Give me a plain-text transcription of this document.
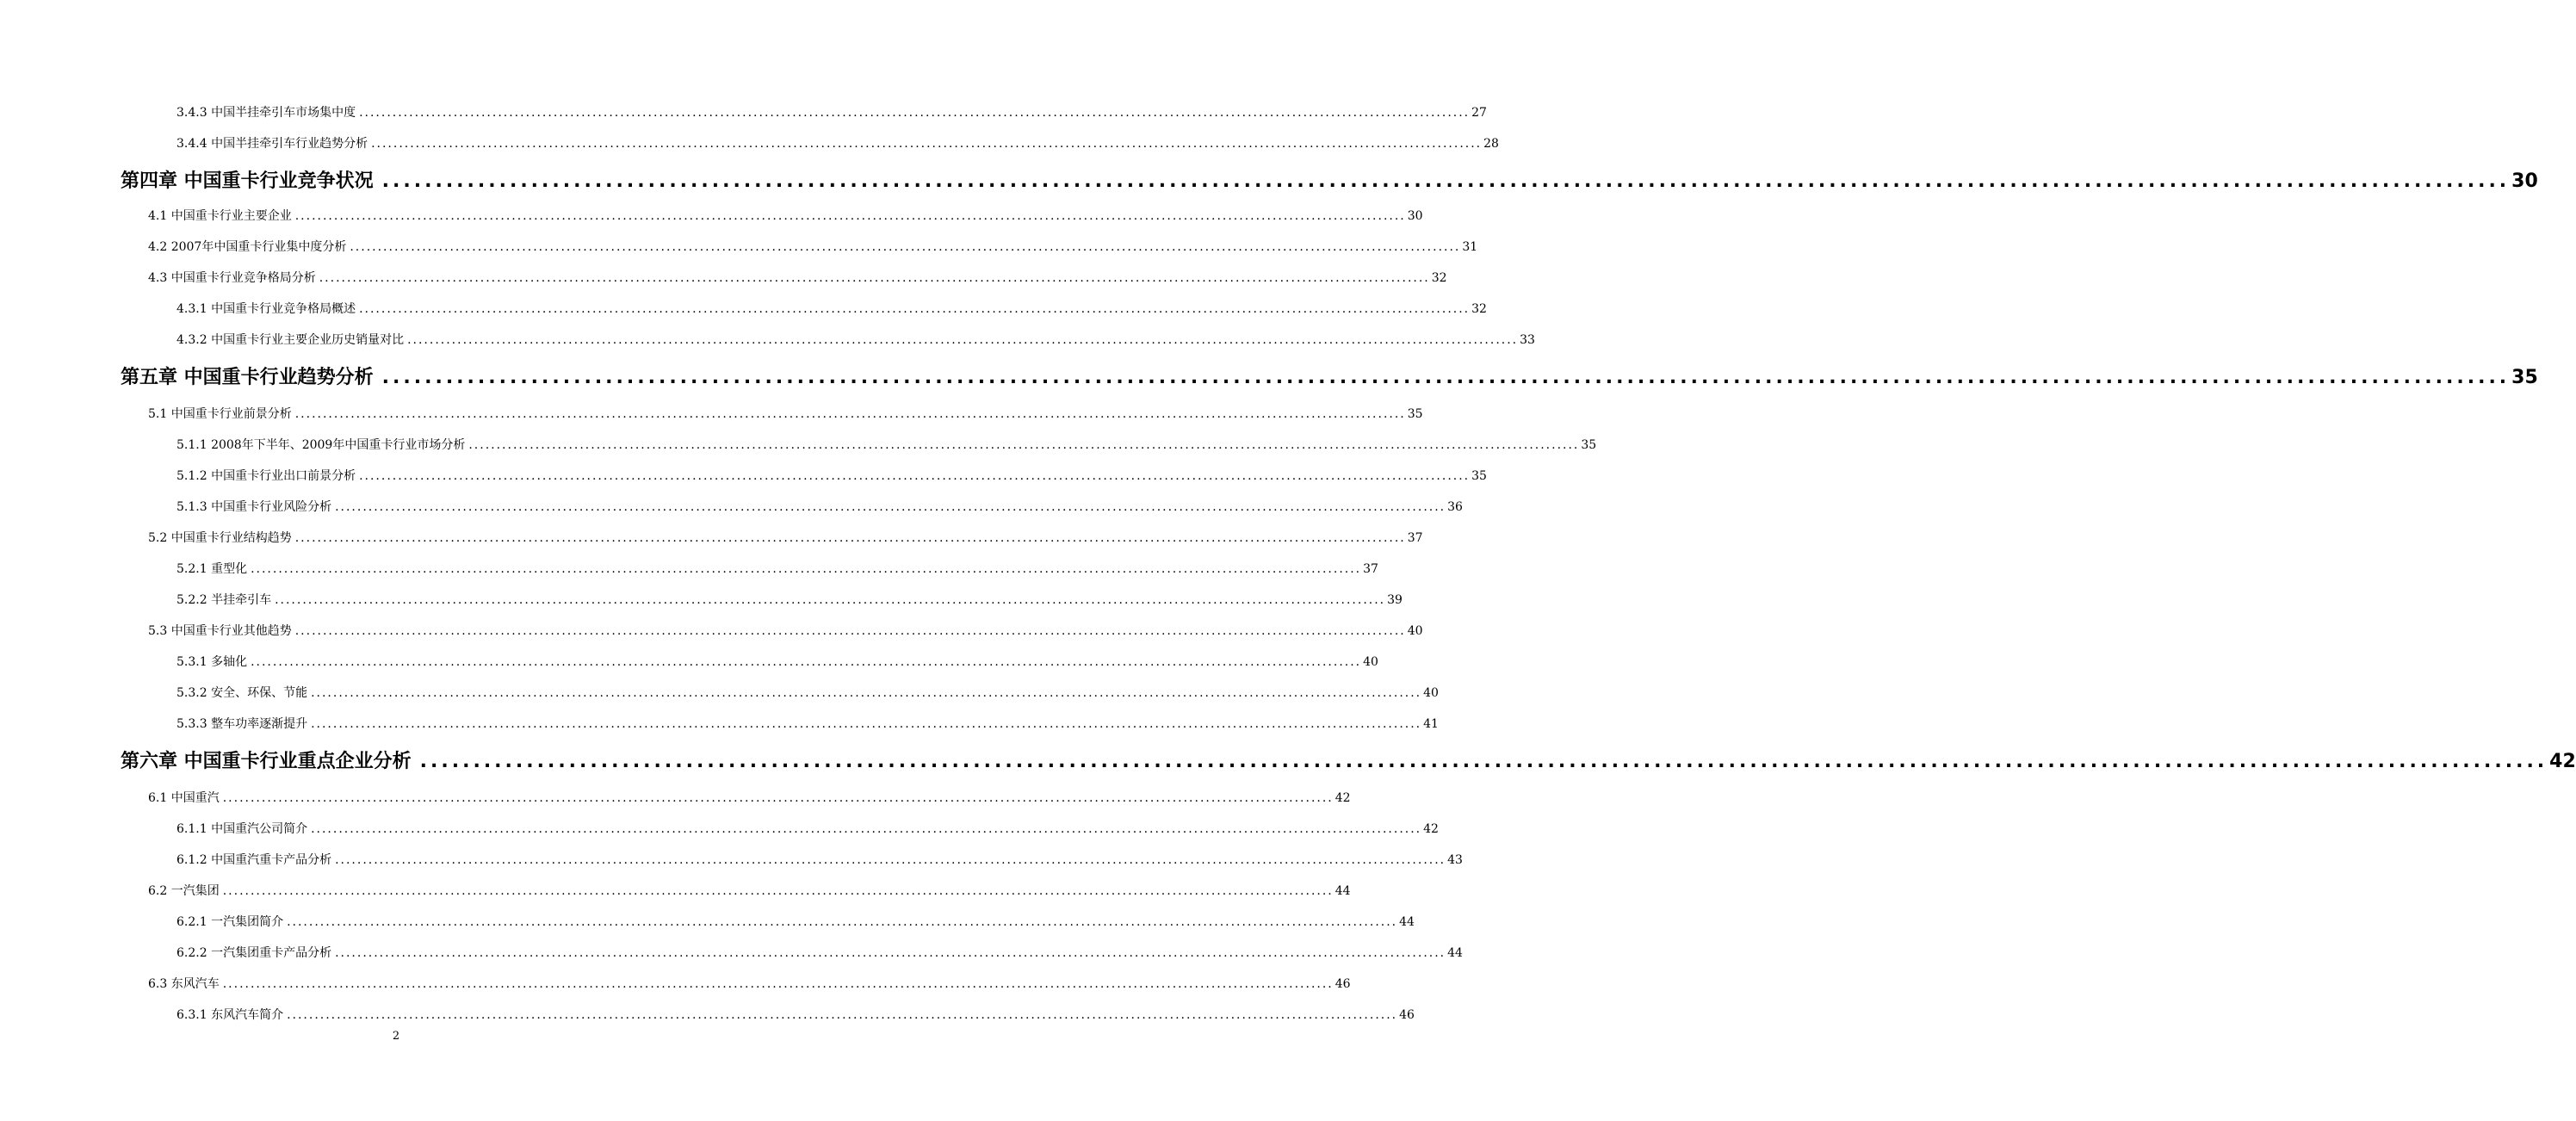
3.4.3 中国半挂牵引车市场集中度 ........................................................................................................................................................................................................ 27
3.4.4 中国半挂牵引车行业趋势分析 ........................................................................................................................................................................................................ 28
第四章 中国重卡行业竞争状况 ........................................................................................................................................................................................................ 30
4.1 中国重卡行业主要企业 ........................................................................................................................................................................................................ 30
4.2 2007年中国重卡行业集中度分析 ........................................................................................................................................................................................................ 31
4.3 中国重卡行业竞争格局分析 ........................................................................................................................................................................................................ 32
4.3.1 中国重卡行业竞争格局概述 ........................................................................................................................................................................................................ 32
4.3.2 中国重卡行业主要企业历史销量对比 ........................................................................................................................................................................................................ 33
第五章 中国重卡行业趋势分析 ........................................................................................................................................................................................................ 35
5.1 中国重卡行业前景分析 ........................................................................................................................................................................................................ 35
5.1.1 2008年下半年、2009年中国重卡行业市场分析 ........................................................................................................................................................................................................ 35
5.1.2 中国重卡行业出口前景分析 ........................................................................................................................................................................................................ 35
5.1.3 中国重卡行业风险分析 ........................................................................................................................................................................................................ 36
5.2 中国重卡行业结构趋势 ........................................................................................................................................................................................................ 37
5.2.1 重型化 ........................................................................................................................................................................................................ 37
5.2.2 半挂牵引车 ........................................................................................................................................................................................................ 39
5.3 中国重卡行业其他趋势 ........................................................................................................................................................................................................ 40
5.3.1 多轴化 ........................................................................................................................................................................................................ 40
5.3.2 安全、环保、节能 ........................................................................................................................................................................................................ 40
5.3.3 整车功率逐渐提升 ........................................................................................................................................................................................................ 41
第六章 中国重卡行业重点企业分析 ........................................................................................................................................................................................................ 42
6.1 中国重汽 ........................................................................................................................................................................................................ 42
6.1.1 中国重汽公司简介 ........................................................................................................................................................................................................ 42
6.1.2 中国重汽重卡产品分析 ........................................................................................................................................................................................................ 43
6.2 一汽集团 ........................................................................................................................................................................................................ 44
6.2.1 一汽集团简介 ........................................................................................................................................................................................................ 44
6.2.2 一汽集团重卡产品分析 ........................................................................................................................................................................................................ 44
6.3 东风汽车 ........................................................................................................................................................................................................ 46
6.3.1 东风汽车简介 ........................................................................................................................................................................................................ 46
2
